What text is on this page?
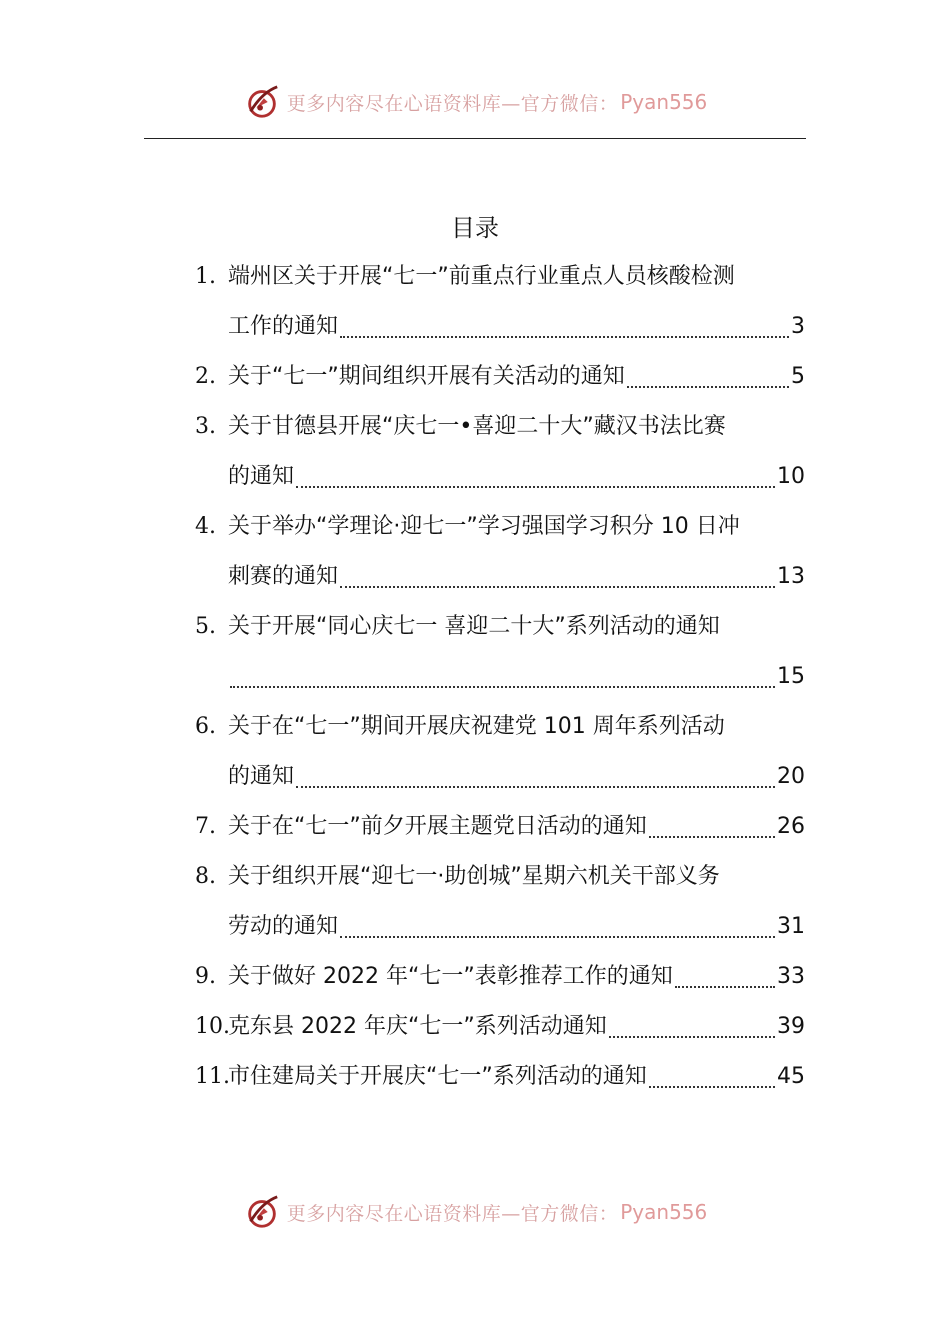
更多内容尽在心语资料库—官方微信： Pyan556
目录
1. 端州区关于开展“七一”前重点行业重点人员核酸检测
工作的通知	3
2. 关于“七一”期间组织开展有关活动的通知	5
3. 关于甘德县开展“庆七一•喜迎二十大”藏汉书法比赛
的通知	10
4. 关于举办“学理论·迎七一”学习强国学习积分 10 日冲
刺赛的通知	13
5. 关于开展“同心庆七一 喜迎二十大”系列活动的通知
15
6. 关于在“七一”期间开展庆祝建党 101 周年系列活动
的通知	20
7. 关于在“七一”前夕开展主题党日活动的通知	26
8. 关于组织开展“迎七一·助创城”星期六机关干部义务
劳动的通知	31
9. 关于做好 2022 年“七一”表彰推荐工作的通知	33
10.
克东县 2022 年庆“七一”系列活动通知	39
11.
市住建局关于开展庆“七一”系列活动的通知	45
更多内容尽在心语资料库—官方微信： Pyan556
